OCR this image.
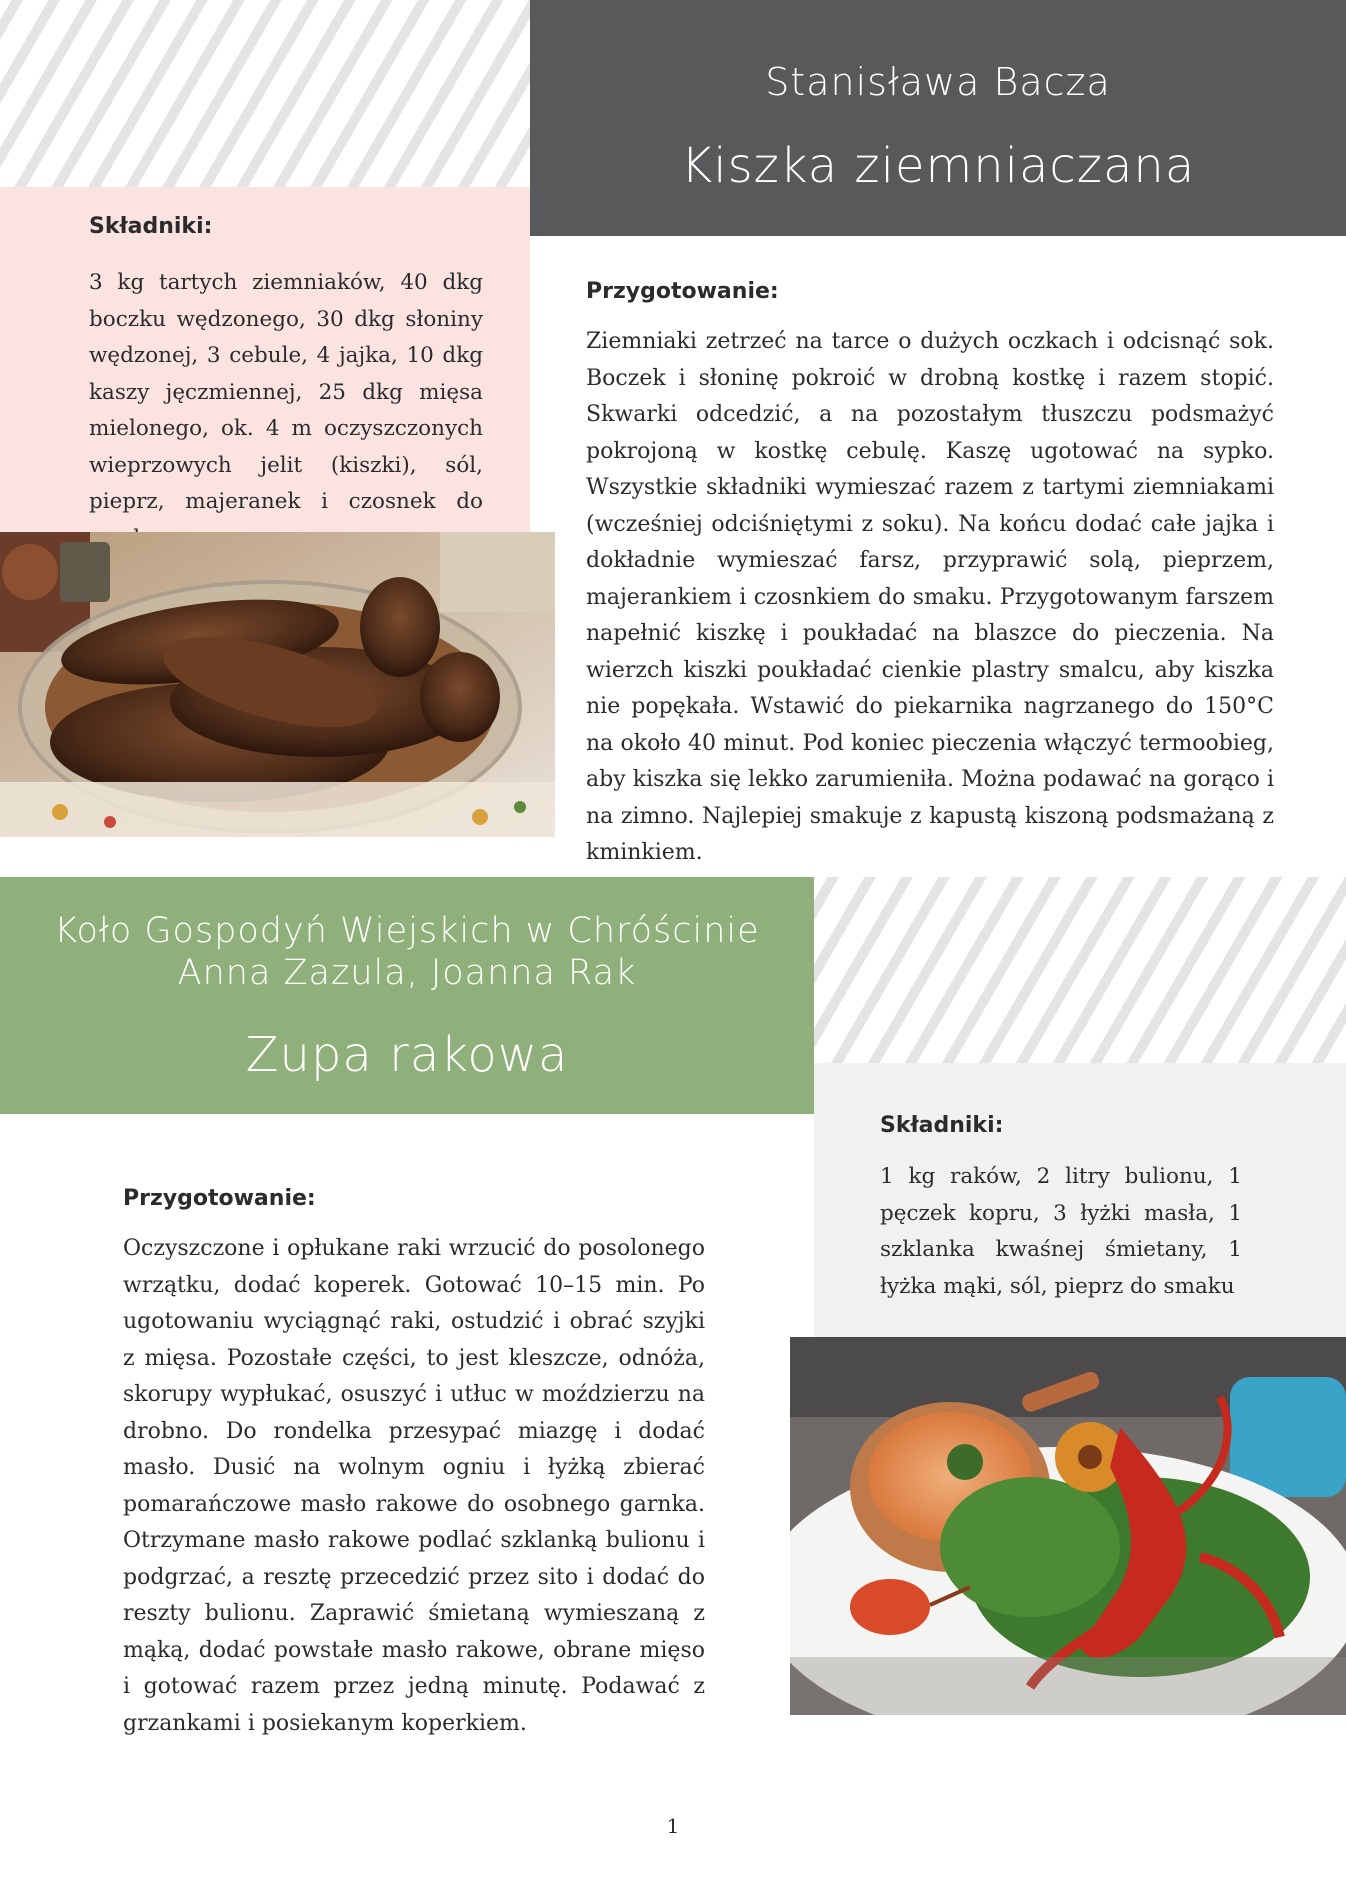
Stanisława Bacza
Kiszka ziemniaczana
Składniki:
3 kg tartych ziemniaków, 40 dkg boczku wędzonego, 30 dkg słoniny wędzonej, 3 cebule, 4 jajka, 10 dkg kaszy jęczmiennej, 25 dkg mięsa mielonego, ok. 4 m oczyszczonych wieprzowych jelit (kiszki), sól, pieprz, majeranek i czosnek do
Przygotowanie:
Ziemniaki zetrzeć na tarce o dużych oczkach i odcisnąć sok. Boczek i słoninę pokroić w drobną kostkę i razem stopić. Skwarki odcedzić, a na pozostałym tłuszczu podsmażyć pokrojoną w kostkę cebulę. Kaszę ugotować na sypko. Wszystkie składniki wymieszać razem z tartymi ziemniakami (wcześniej odciśniętymi z soku). Na końcu dodać całe jajka i dokładnie wymieszać farsz, przyprawić solą, pieprzem, majerankiem i czosnkiem do smaku. Przygotowanym farszem napełnić kiszkę i poukładać na blaszce do pieczenia. Na wierzch kiszki poukładać cienkie plastry smalcu, aby kiszka nie popękała. Wstawić do piekarnika nagrzanego do 150°C na około 40 minut. Pod koniec pieczenia włączyć termoobieg, aby kiszka się lekko zarumieniła. Można podawać na gorąco i na zimno. Najlepiej smakuje z kapustą kiszoną podsmażaną z kminkiem.
Koło Gospodyń Wiejskich w Chróścinie
Anna Zazula, Joanna Rak
Zupa rakowa
Składniki:
1 kg raków, 2 litry bulionu, 1 pęczek kopru, 3 łyżki masła, 1 szklanka kwaśnej śmietany, 1 łyżka mąki, sól, pieprz do smaku
Przygotowanie:
Oczyszczone i opłukane raki wrzucić do posolonego wrzątku, dodać koperek. Gotować 10–15 min. Po ugotowaniu wyciągnąć raki, ostudzić i obrać szyjki z mięsa. Pozostałe części, to jest kleszcze, odnóża, skorupy wypłukać, osuszyć i utłuc w moździerzu na drobno. Do rondelka przesypać miazgę i dodać masło. Dusić na wolnym ogniu i łyżką zbierać pomarańczowe masło rakowe do osobnego garnka. Otrzymane masło rakowe podlać szklanką bulionu i podgrzać, a resztę przecedzić przez sito i dodać do reszty bulionu. Zaprawić śmietaną wymieszaną z mąką, dodać powstałe masło rakowe, obrane mięso i gotować razem przez jedną minutę. Podawać z grzankami i posiekanym koperkiem.
1
